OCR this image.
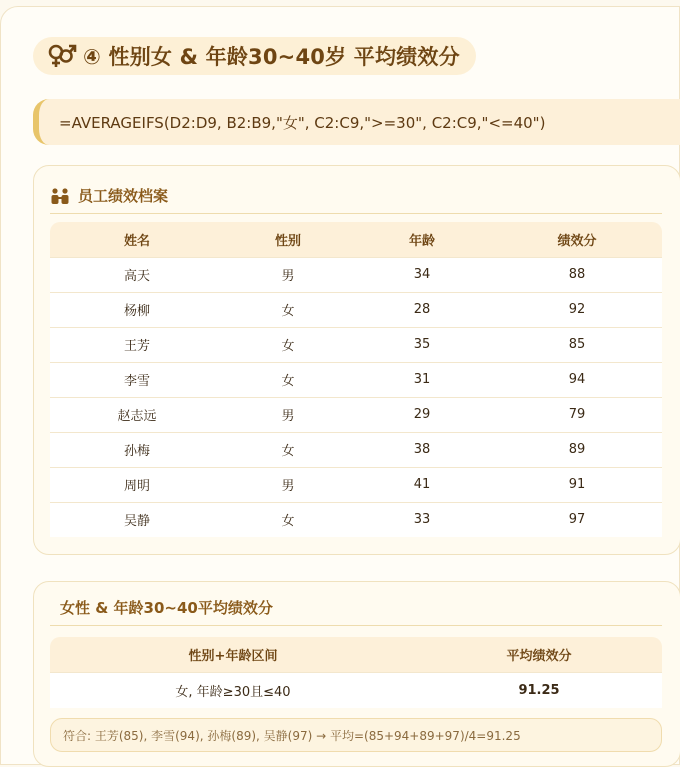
④ 性别女 & 年龄30~40岁 平均绩效分
=AVERAGEIFS(D2:D9, B2:B9,"女", C2:C9,">=30", C2:C9,"<=40")
员工绩效档案
姓名	性别	年龄	绩效分
高天	男	34	88
杨柳	女	28	92
王芳	女	35	85
李雪	女	31	94
赵志远	男	29	79
孙梅	女	38	89
周明	男	41	91
吴静	女	33	97
女性 & 年龄30~40平均绩效分
性别+年龄区间	平均绩效分
女, 年龄≥30且≤40	91.25
符合: 王芳(85), 李雪(94), 孙梅(89), 吴静(97) → 平均=(85+94+89+97)/4=91.25
